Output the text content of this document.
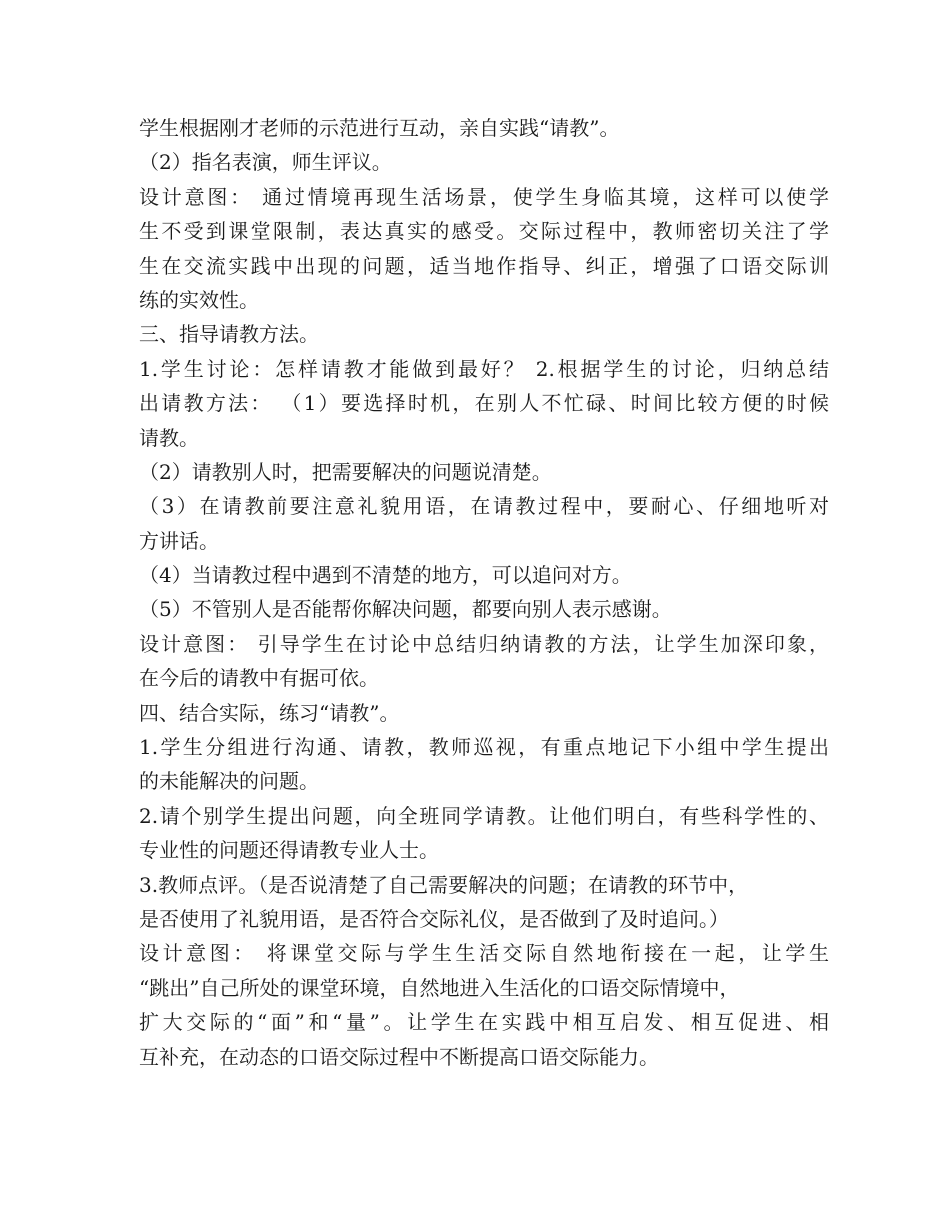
学生根据刚才老师的示范进行互动，亲自实践“请教”。
（2）指名表演，师生评议。
设计意图： 通过情境再现生活场景，使学生身临其境，这样可以使学
生不受到课堂限制，表达真实的感受。交际过程中，教师密切关注了学
生在交流实践中出现的问题，适当地作指导、纠正，增强了口语交际训
练的实效性。
三、指导请教方法。
1.学生讨论：怎样请教才能做到最好？ 2.根据学生的讨论，归纳总结
出请教方法： （1）要选择时机，在别人不忙碌、时间比较方便的时候
请教。
（2）请教别人时，把需要解决的问题说清楚。
（3）在请教前要注意礼貌用语，在请教过程中，要耐心、仔细地听对
方讲话。
（4）当请教过程中遇到不清楚的地方，可以追问对方。
（5）不管别人是否能帮你解决问题，都要向别人表示感谢。
设计意图： 引导学生在讨论中总结归纳请教的方法，让学生加深印象，
在今后的请教中有据可依。
四、结合实际，练习“请教”。
1.学生分组进行沟通、请教，教师巡视，有重点地记下小组中学生提出
的未能解决的问题。
2.请个别学生提出问题，向全班同学请教。让他们明白，有些科学性的、
专业性的问题还得请教专业人士。
3.教师点评。（是否说清楚了自己需要解决的问题；在请教的环节中，
是否使用了礼貌用语，是否符合交际礼仪，是否做到了及时追问。）
设计意图： 将课堂交际与学生生活交际自然地衔接在一起，让学生
“跳出”自己所处的课堂环境，自然地进入生活化的口语交际情境中，
扩大交际的“面”和“量”。让学生在实践中相互启发、相互促进、相
互补充，在动态的口语交际过程中不断提高口语交际能力。
